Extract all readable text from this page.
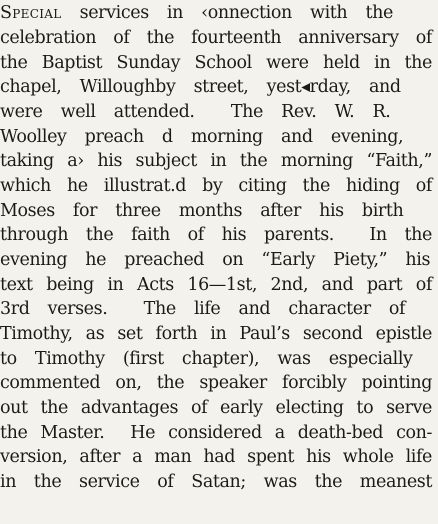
Special services in ‹onnection with the
celebration of the fourteenth anniversary of
the Baptist Sunday School were held in the
chapel, Willoughby street, yest◂rday, and
were well attended.  The Rev. W. R.
Woolley preach d morning and evening,
taking a› his subject in the morning “Faith,”
which he illustrat.d by citing the hiding of
Moses for three months after his birth
through the faith of his parents.  In the
evening he preached on “Early Piety,” his
text being in Acts 16—1st, 2nd, and part of
3rd verses.  The life and character of
Timothy, as set forth in Paul’s second epistle
to Timothy (first chapter), was especially
commented on, the speaker forcibly pointing
out the advantages of early electing to serve
the Master.  He considered a death-bed con-
version, after a man had spent his whole life
in the service of Satan; was the meanest
